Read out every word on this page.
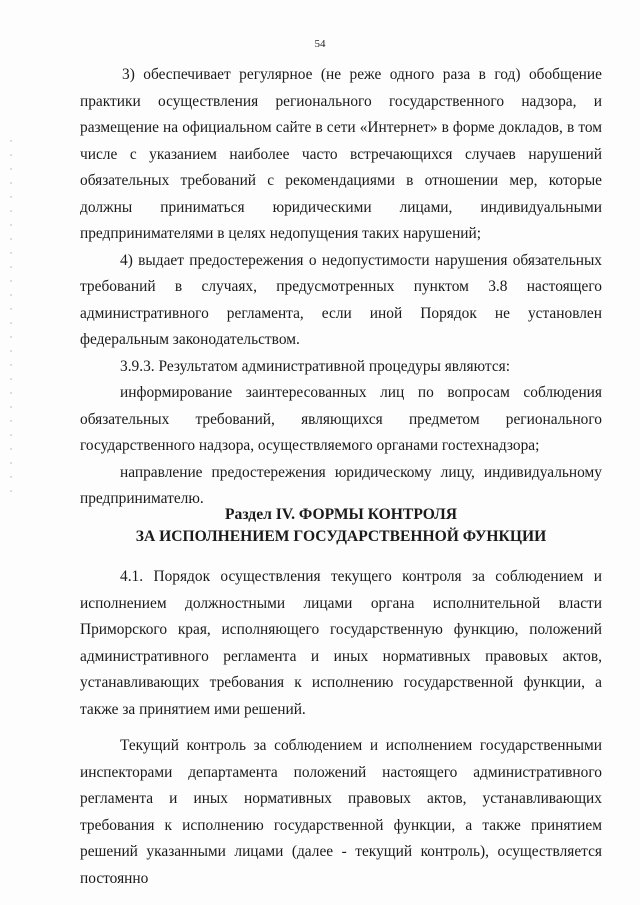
54

3) обеспечивает регулярное (не реже одного раза в год) обобщение практики осуществления регионального государственного надзора, и размещение на официальном сайте в сети «Интернет» в форме докладов, в том числе с указанием наиболее часто встречающихся случаев нарушений обязательных требований с рекомендациями в отношении мер, которые должны приниматься юридическими лицами, индивидуальными предпринимателями в целях недопущения таких нарушений;

4) выдает предостережения о недопустимости нарушения обязательных требований в случаях, предусмотренных пунктом 3.8 настоящего административного регламента, если иной Порядок не установлен федеральным законодательством.

3.9.3. Результатом административной процедуры являются:

информирование заинтересованных лиц по вопросам соблюдения обязательных требований, являющихся предметом регионального государственного надзора, осуществляемого органами гостехнадзора;

направление предостережения юридическому лицу, индивидуальному предпринимателю.

Раздел IV. ФОРМЫ КОНТРОЛЯ
ЗА ИСПОЛНЕНИЕМ ГОСУДАРСТВЕННОЙ ФУНКЦИИ

4.1. Порядок осуществления текущего контроля за соблюдением и исполнением должностными лицами органа исполнительной власти Приморского края, исполняющего государственную функцию, положений административного регламента и иных нормативных правовых актов, устанавливающих требования к исполнению государственной функции, а также за принятием ими решений.

Текущий контроль за соблюдением и исполнением государственными инспекторами департамента положений настоящего административного регламента и иных нормативных правовых актов, устанавливающих требования к исполнению государственной функции, а также принятием решений указанными лицами (далее - текущий контроль), осуществляется постоянно
